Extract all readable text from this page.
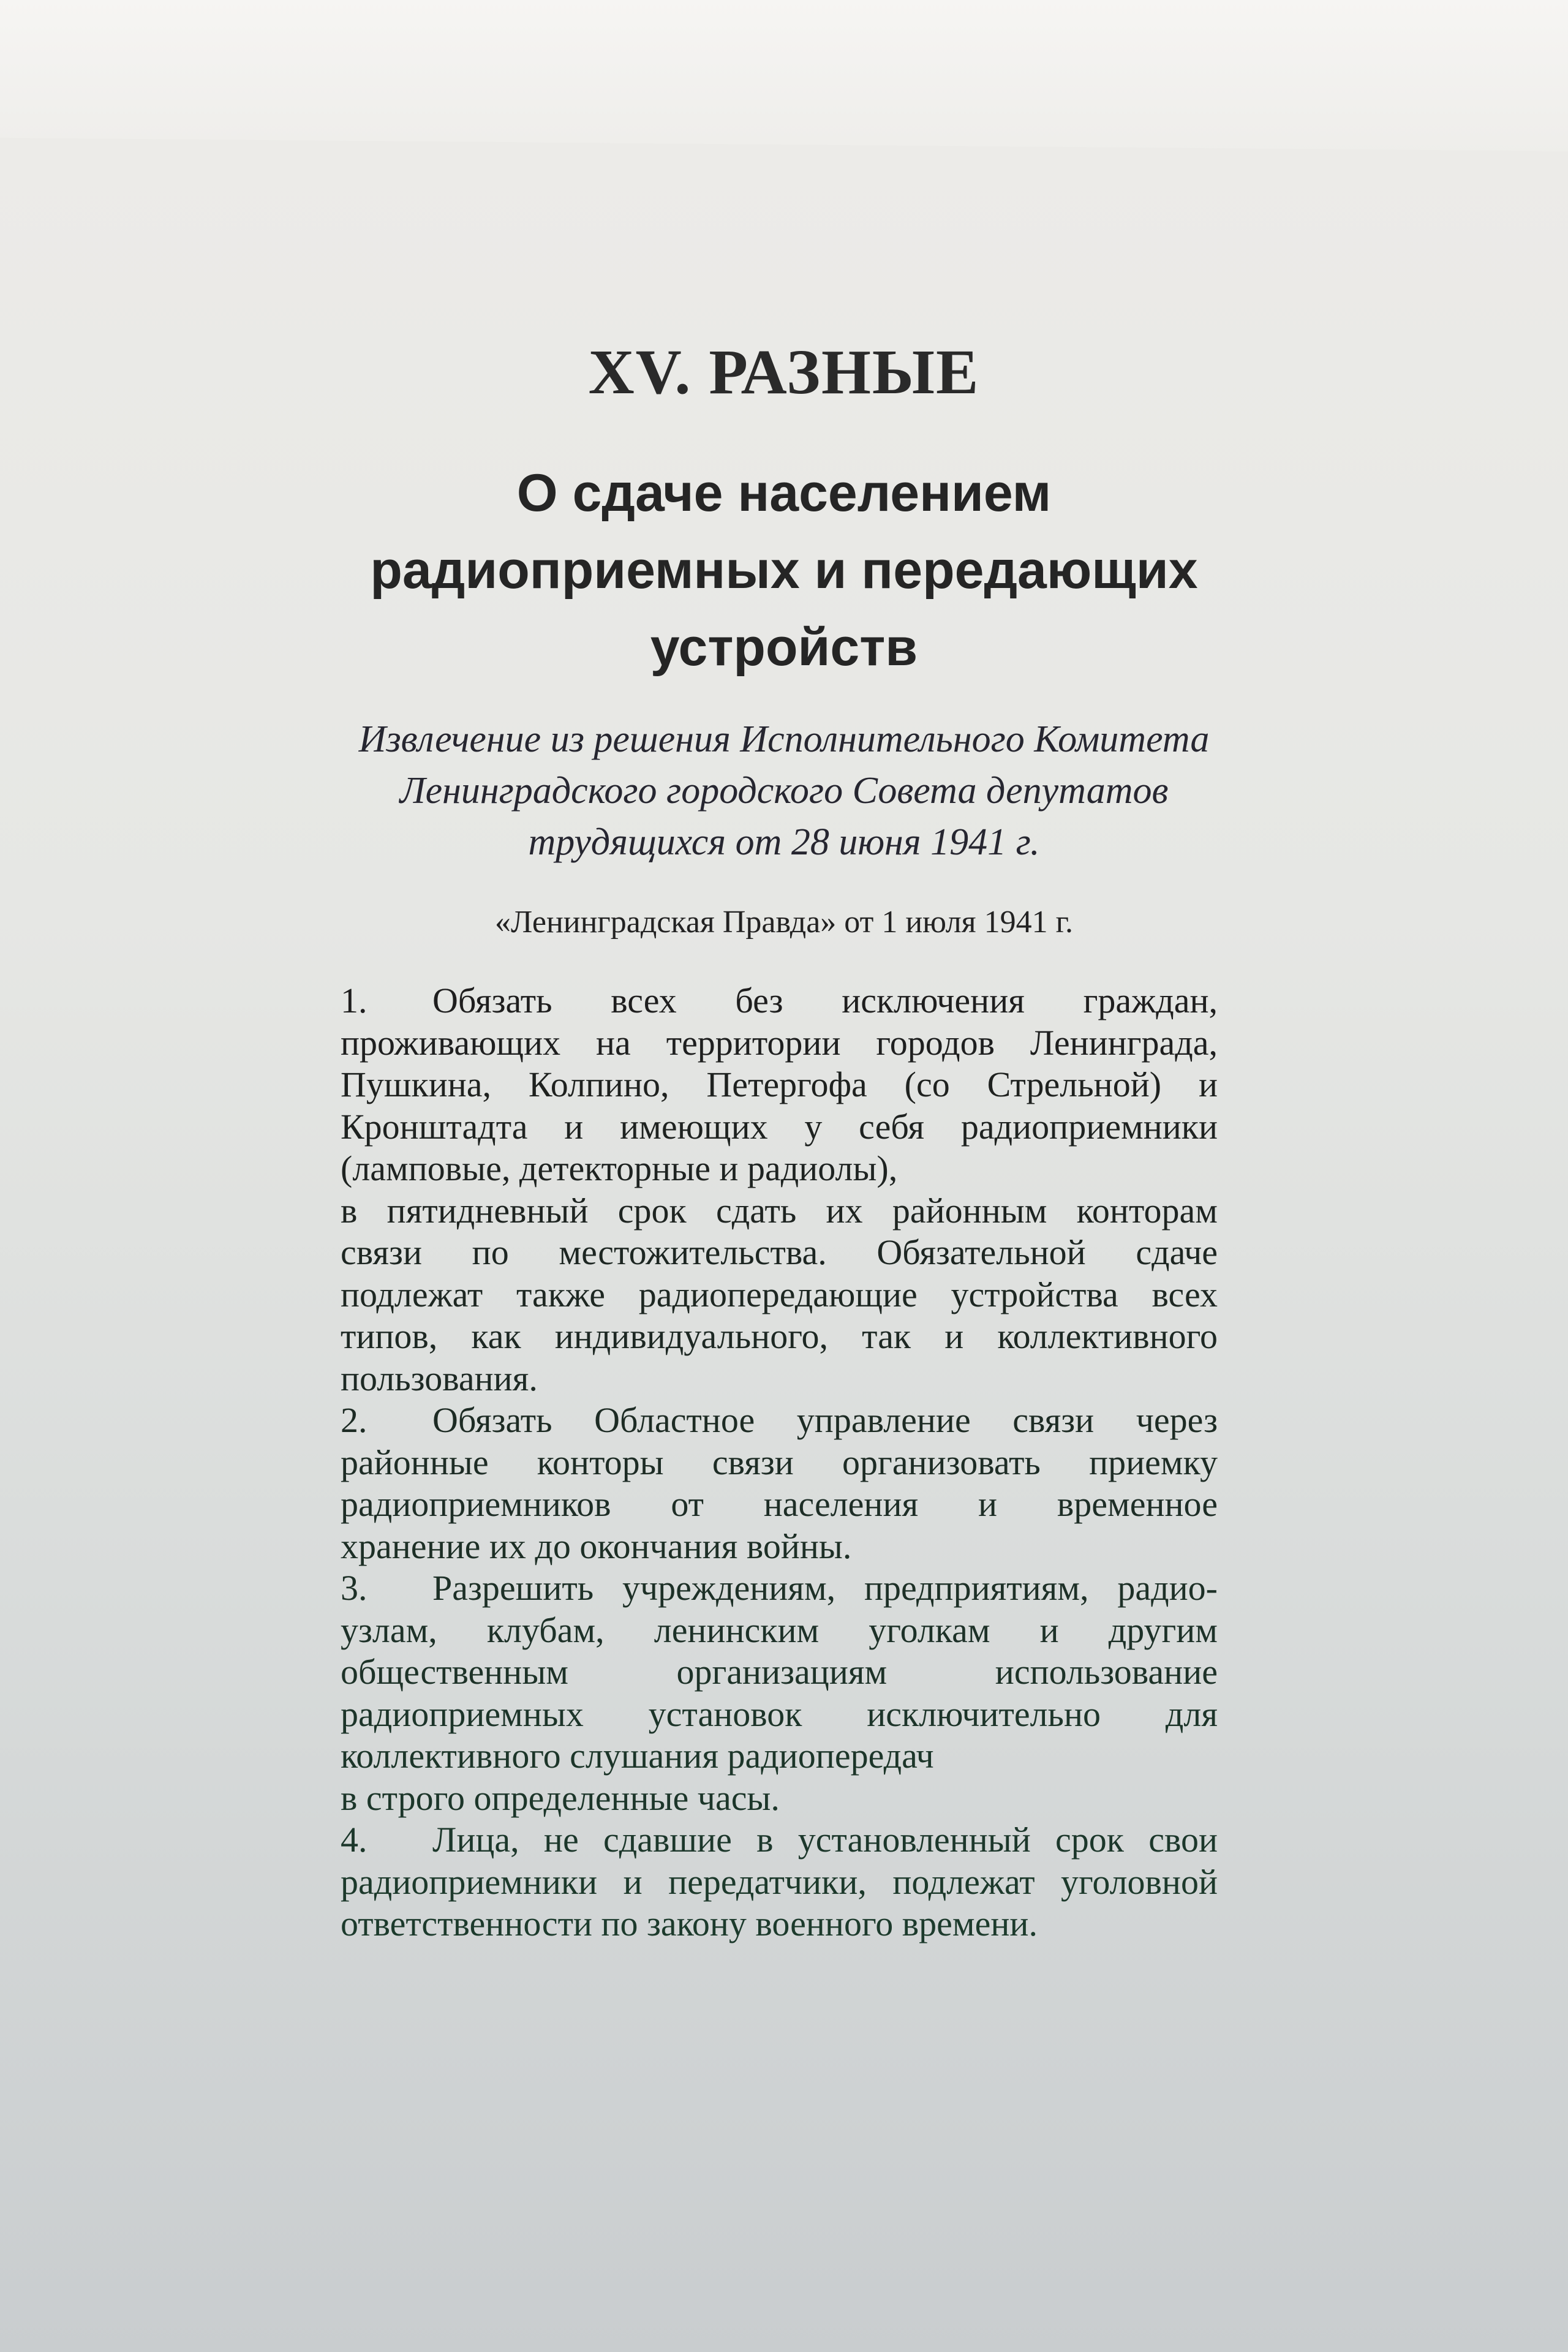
XV. РАЗНЫЕ
О сдаче населением
радиоприемных и передающих
устройств
Извлечение из решения Исполнительного Комитета
Ленинградского городского Совета депутатов
трудящихся от 28 июня 1941 г.
«Ленинградская Правда» от 1 июля 1941 г.
1.	Обязать всех без исключения граждан,
проживающих на территории городов Ленинграда,
Пушкина, Колпино, Петергофа (со Стрельной) и
Кронштадта и имеющих у себя радиоприемники
(ламповые, детекторные и радиолы),
в пятидневный срок сдать их районным конторам
связи по местожительства. Обязательной сдаче
подлежат также радиопередающие устройства всех
типов, как индивидуального, так и коллективного
пользования.
2.	Обязать Областное управление связи через
районные конторы связи организовать приемку
радиоприемников от населения и временное
хранение их до окончания войны.
3.	Разрешить учреждениям, предприятиям, радио-
узлам, клубам, ленинским уголкам и другим
общественным организациям использование
радиоприемных установок исключительно для
коллективного слушания радиопередач
в строго определенные часы.
4.	Лица, не сдавшие в установленный срок свои
радиоприемники и передатчики, подлежат уголовной
ответственности по закону военного времени.
